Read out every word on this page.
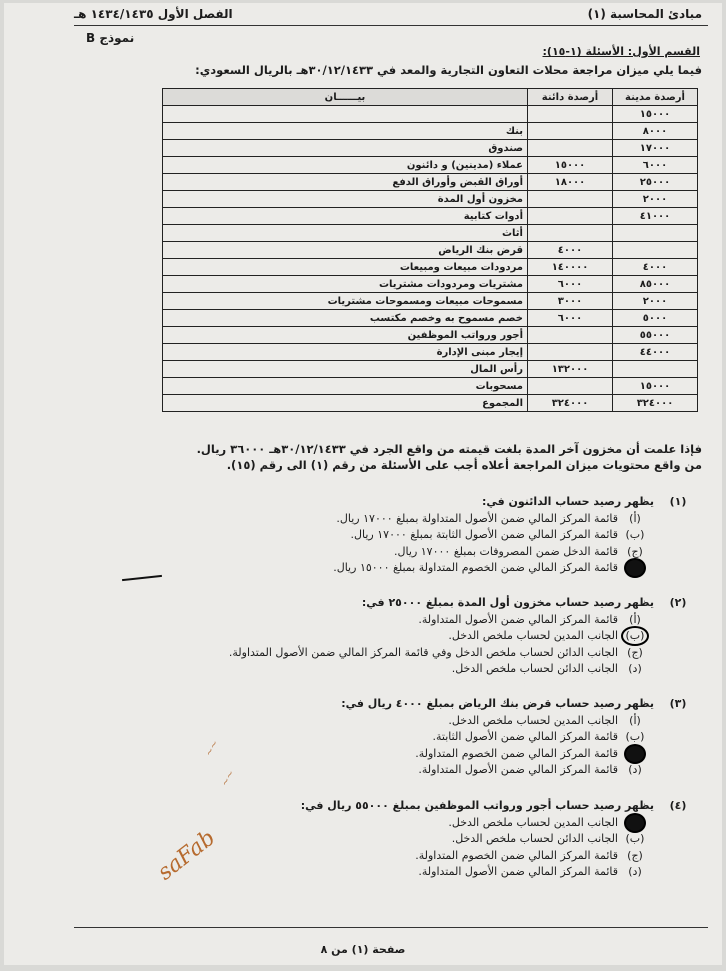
مبادئ المحاسبة (١)
الفصل الأول ١٤٣٤/١٤٣٥ هـ
نموذج B
القسم الأول: الأسئلة (١-١٥):
فيما يلي ميزان مراجعة محلات التعاون التجارية والمعد في ٣٠/١٢/١٤٣٣هـ بالريال السعودي:
أرصدة مدينة	أرصدة دائنة	بيــــــان
١٥٠٠٠		
٨٠٠٠		بنك
١٧٠٠٠		صندوق
٦٠٠٠	١٥٠٠٠	عملاء (مدينين) و دائنون
٢٥٠٠٠	١٨٠٠٠	أوراق القبض وأوراق الدفع
٢٠٠٠		مخزون أول المدة
٤١٠٠٠		أدوات كتابية
		أثاث
	٤٠٠٠	قرض بنك الرياض
٤٠٠٠	١٤٠٠٠٠	مردودات مبيعات ومبيعات
٨٥٠٠٠	٦٠٠٠	مشتريات ومردودات مشتريات
٢٠٠٠	٣٠٠٠	مسموحات مبيعات ومسموحات مشتريات
٥٠٠٠	٦٠٠٠	خصم مسموح به وخصم مكتسب
٥٥٠٠٠		أجور ورواتب الموظفين
٤٤٠٠٠		إيجار مبنى الإدارة
	١٣٢٠٠٠	رأس المال
١٥٠٠٠		مسحوبات
٣٢٤٠٠٠	٣٢٤٠٠٠	المجموع
فإذا علمت أن مخزون آخر المدة بلغت قيمته من واقع الجرد في ٣٠/١٢/١٤٣٣هـ ٣٦٠٠٠ ريال.
من واقع محتويات ميزان المراجعة أعلاه أجب على الأسئلة من رقم (١) الى رقم (١٥).
(١)
يظهر رصيد حساب الدائنون في:
(أ)
قائمة المركز المالي ضمن الأصول المتداولة بمبلغ ١٧٠٠٠ ريال.
(ب)
قائمة المركز المالي ضمن الأصول الثابتة بمبلغ ١٧٠٠٠ ريال.
(ج)
قائمة الدخل ضمن المصروفات بمبلغ ١٧٠٠٠ ريال.
قائمة المركز المالي ضمن الخصوم المتداولة بمبلغ ١٥٠٠٠ ريال.
(٢)
يظهر رصيد حساب مخزون أول المدة بمبلغ ٢٥٠٠٠ في:
(أ)
قائمة المركز المالي ضمن الأصول المتداولة.
(ب)
الجانب المدين لحساب ملخص الدخل.
(ج)
الجانب الدائن لحساب ملخص الدخل وفي قائمة المركز المالي ضمن الأصول المتداولة.
(د)
الجانب الدائن لحساب ملخص الدخل.
(٣)
يظهر رصيد حساب قرض بنك الرياض بمبلغ ٤٠٠٠ ريال في:
(أ)
الجانب المدين لحساب ملخص الدخل.
(ب)
قائمة المركز المالي ضمن الأصول الثابتة.
قائمة المركز المالي ضمن الخصوم المتداولة.
(د)
قائمة المركز المالي ضمن الأصول المتداولة.
(٤)
يظهر رصيد حساب أجور ورواتب الموظفين بمبلغ ٥٥٠٠٠ ريال في:
الجانب المدين لحساب ملخص الدخل.
(ب)
الجانب الدائن لحساب ملخص الدخل.
(ج)
قائمة المركز المالي ضمن الخصوم المتداولة.
(د)
قائمة المركز المالي ضمن الأصول المتداولة.
saFab
~~
~~
صفحة (١) من ٨
